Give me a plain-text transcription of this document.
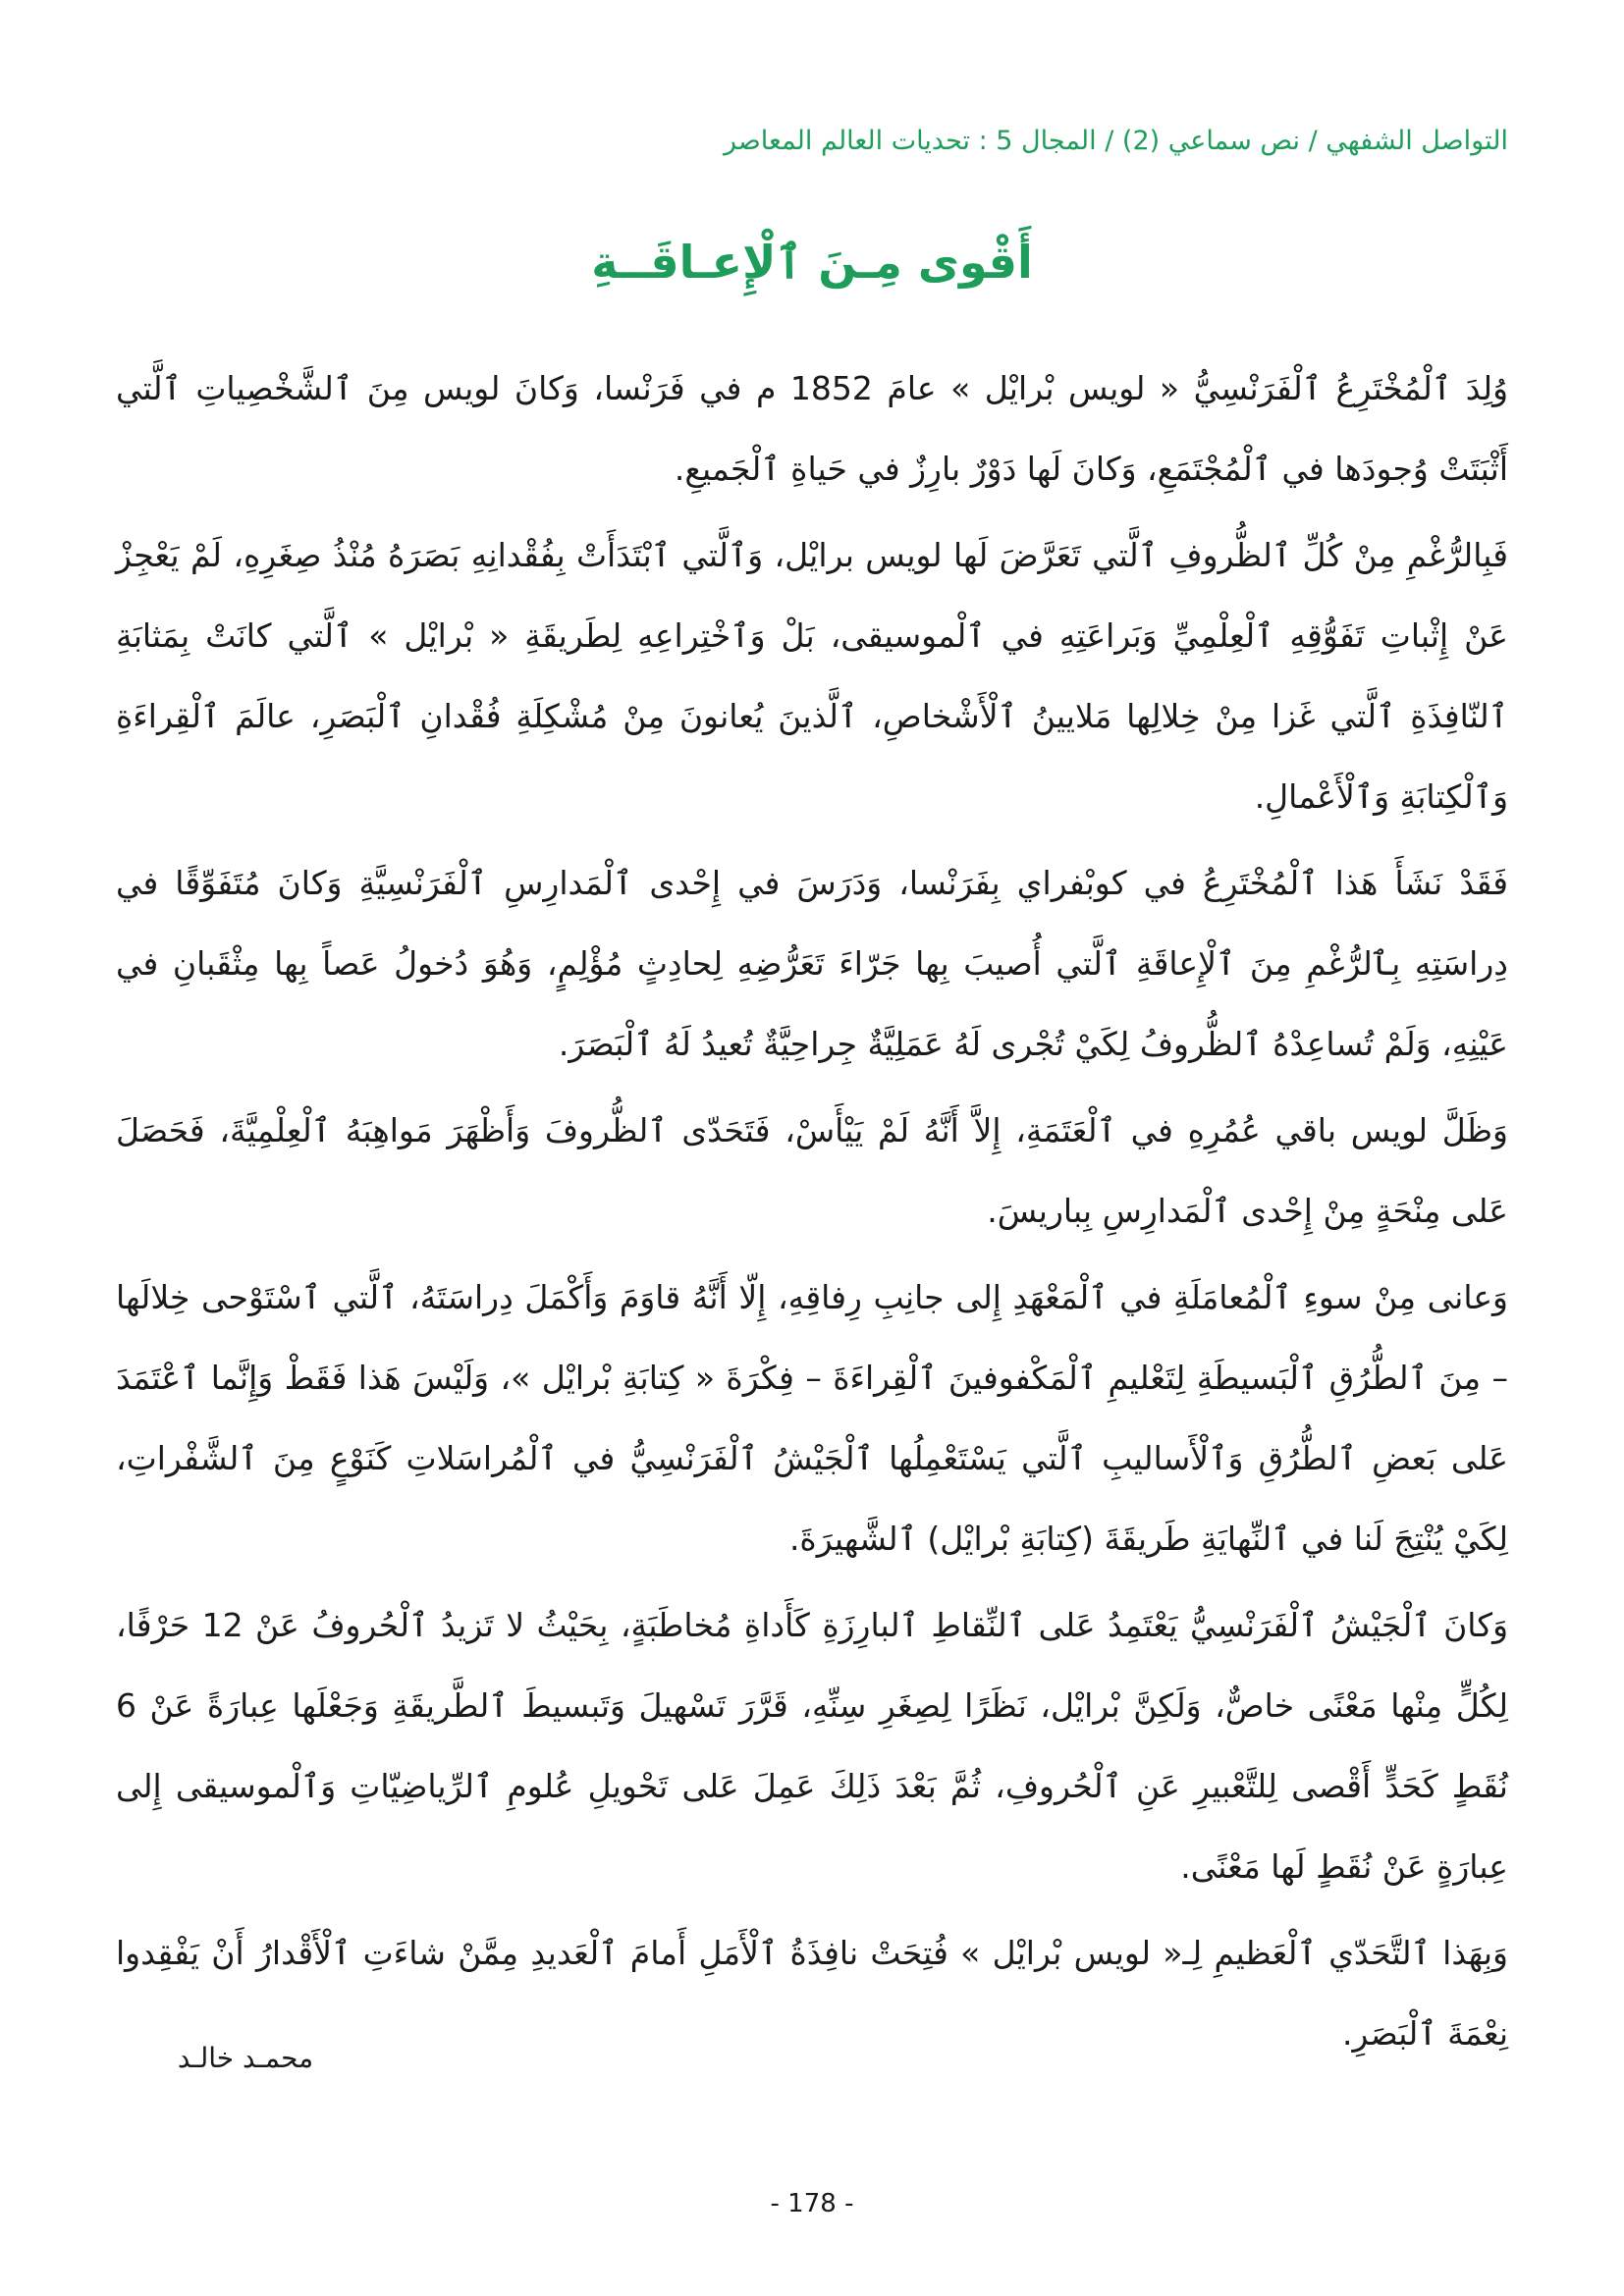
التواصل الشفهي / نص سماعي (2) / المجال 5 : تحديات العالم المعاصر
أَقْوى مِـنَ ٱلْإِعـاقَــةِ

وُلِدَ ٱلْمُخْتَرِعُ ٱلْفَرَنْسِيُّ « لويس بْرايْل » عامَ 1852 م في فَرَنْسا، وَكانَ لويس مِنَ ٱلشَّخْصِياتِ ٱلَّتي أَثْبَتَتْ وُجودَها في ٱلْمُجْتَمَعِ، وَكانَ لَها دَوْرٌ بارِزٌ في حَياةِ ٱلْجَميعِ.

فَبِالرُّغْمِ مِنْ كُلِّ ٱلظُّروفِ ٱلَّتي تَعَرَّضَ لَها لويس برايْل، وَٱلَّتي ٱبْتَدَأَتْ بِفُقْدانِهِ بَصَرَهُ مُنْذُ صِغَرِهِ، لَمْ يَعْجِزْ عَنْ إِثْباتِ تَفَوُّقِهِ ٱلْعِلْمِيِّ وَبَراعَتِهِ في ٱلْموسيقى، بَلْ وَٱخْتِراعِهِ لِطَريقَةِ « بْرايْل » ٱلَّتي كانَتْ بِمَثابَةِ ٱلنّافِذَةِ ٱلَّتي غَزا مِنْ خِلالِها مَلايينُ ٱلْأَشْخاصِ، ٱلَّذينَ يُعانونَ مِنْ مُشْكِلَةِ فُقْدانِ ٱلْبَصَرِ، عالَمَ ٱلْقِراءَةِ وَٱلْكِتابَةِ وَٱلْأَعْمالِ.

فَقَدْ نَشَأَ هَذا ٱلْمُخْتَرِعُ في كوبْفراي بِفَرَنْسا، وَدَرَسَ في إِحْدى ٱلْمَدارِسِ ٱلْفَرَنْسِيَّةِ وَكانَ مُتَفَوِّقًا في دِراسَتِهِ بِٱلرُّغْمِ مِنَ ٱلْإِعاقَةِ ٱلَّتي أُصيبَ بِها جَرّاءَ تَعَرُّضِهِ لِحادِثٍ مُؤْلِمٍ، وَهُوَ دُخولُ عَصاً بِها مِثْقَبانِ في عَيْنِهِ، وَلَمْ تُساعِدْهُ ٱلظُّروفُ لِكَيْ تُجْرى لَهُ عَمَلِيَّةٌ جِراحِيَّةٌ تُعيدُ لَهُ ٱلْبَصَرَ.

وَظَلَّ لويس باقي عُمُرِهِ في ٱلْعَتَمَةِ، إِلاَّ أَنَّهُ لَمْ يَيْأَسْ، فَتَحَدّى ٱلظُّروفَ وَأَظْهَرَ مَواهِبَهُ ٱلْعِلْمِيَّةَ، فَحَصَلَ عَلى مِنْحَةٍ مِنْ إِحْدى ٱلْمَدارِسِ بِباريسَ.

وَعانى مِنْ سوءِ ٱلْمُعامَلَةِ في ٱلْمَعْهَدِ إِلى جانِبِ رِفاقِهِ، إِلّا أَنَّهُ قاوَمَ وَأَكْمَلَ دِراسَتَهُ، ٱلَّتي ٱسْتَوْحى خِلالَها – مِنَ ٱلطُّرُقِ ٱلْبَسيطَةِ لِتَعْليمِ ٱلْمَكْفوفينَ ٱلْقِراءَةَ – فِكْرَةَ « كِتابَةِ بْرايْل »، وَلَيْسَ هَذا فَقَطْ وَإِنَّما ٱعْتَمَدَ عَلى بَعضِ ٱلطُّرُقِ وَٱلْأَساليبِ ٱلَّتي يَسْتَعْمِلُها ٱلْجَيْشُ ٱلْفَرَنْسِيُّ في ٱلْمُراسَلاتِ كَنَوْعٍ مِنَ ٱلشَّفْراتِ، لِكَيْ يُنْتِجَ لَنا في ٱلنِّهايَةِ طَريقَةَ (كِتابَةِ بْرايْل) ٱلشَّهيرَةَ.

وَكانَ ٱلْجَيْشُ ٱلْفَرَنْسِيُّ يَعْتَمِدُ عَلى ٱلنِّقاطِ ٱلبارِزَةِ كَأَداةِ مُخاطَبَةٍ، بِحَيْثُ لا تَزيدُ ٱلْحُروفُ عَنْ 12 حَرْفًا، لِكُلٍّ مِنْها مَعْنًى خاصٌّ، وَلَكِنَّ بْرايْل، نَظَرًا لِصِغَرِ سِنِّهِ، قَرَّرَ تَسْهيلَ وَتَبسيطَ ٱلطَّريقَةِ وَجَعْلَها عِبارَةً عَنْ 6 نُقَطٍ كَحَدٍّ أَقْصى لِلتَّعْبيرِ عَنِ ٱلْحُروفِ، ثُمَّ بَعْدَ ذَلِكَ عَمِلَ عَلى تَحْويلِ عُلومِ ٱلرِّياضِيّاتِ وَٱلْموسيقى إِلى عِبارَةٍ عَنْ نُقَطٍ لَها مَعْنًى.

وَبِهَذا ٱلتَّحَدّي ٱلْعَظيمِ لِـ« لويس بْرايْل » فُتِحَتْ نافِذَةُ ٱلْأَمَلِ أَمامَ ٱلْعَديدِ مِمَّنْ شاءَتِ ٱلْأَقْدارُ أَنْ يَفْقِدوا نِعْمَةَ ٱلْبَصَرِ.

محمـد خالـد
- 178 -
